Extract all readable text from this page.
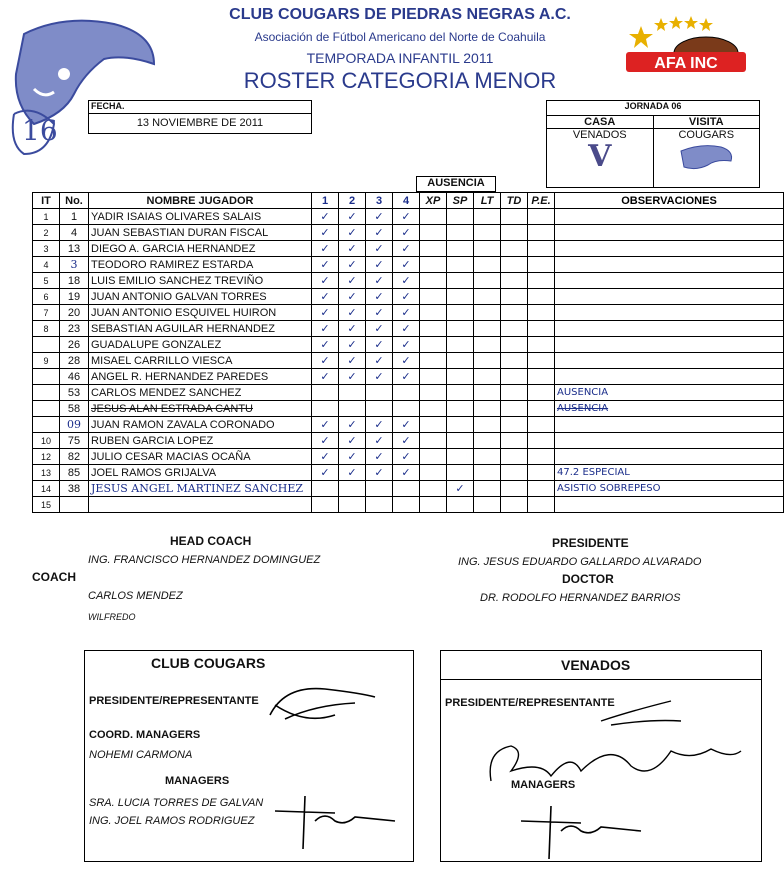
16
AFA INC
CLUB COUGARS DE PIEDRAS NEGRAS A.C.
Asociación de Fútbol Americano del Norte de Coahuila
TEMPORADA INFANTIL 2011
ROSTER CATEGORIA MENOR
FECHA.
13 NOVIEMBRE DE 2011
JORNADA 06
CASA
VENADOS
V
VISITA
COUGARS
AUSENCIA
IT	No.	NOMBRE JUGADOR	1	2	3	4	XP	SP	LT	TD	P.E.	OBSERVACIONES
1	1	YADIR ISAIAS OLIVARES SALAIS	✓	✓	✓	✓						
2	4	JUAN SEBASTIAN DURAN FISCAL	✓	✓	✓	✓						
3	13	DIEGO A. GARCIA HERNANDEZ	✓	✓	✓	✓						
4	3	TEODORO RAMIREZ ESTARDA	✓	✓	✓	✓						
5	18	LUIS EMILIO SANCHEZ TREVIÑO	✓	✓	✓	✓						
6	19	JUAN ANTONIO GALVAN TORRES	✓	✓	✓	✓						
7	20	JUAN ANTONIO ESQUIVEL HUIRON	✓	✓	✓	✓						
8	23	SEBASTIAN AGUILAR HERNANDEZ	✓	✓	✓	✓						
	26	GUADALUPE GONZALEZ	✓	✓	✓	✓						
9	28	MISAEL CARRILLO VIESCA	✓	✓	✓	✓						
	46	ANGEL R. HERNANDEZ PAREDES	✓	✓	✓	✓						
	53	CARLOS MENDEZ SANCHEZ										AUSENCIA
	58	JESUS ALAN ESTRADA CANTU										AUSENCIA
	09	JUAN RAMON ZAVALA CORONADO	✓	✓	✓	✓						
10	75	RUBEN GARCIA LOPEZ	✓	✓	✓	✓						
12	82	JULIO CESAR MACIAS OCAÑA	✓	✓	✓	✓						
13	85	JOEL RAMOS GRIJALVA	✓	✓	✓	✓						47.2 ESPECIAL
14	38	JESUS ANGEL MARTINEZ SANCHEZ						✓				ASISTIO SOBREPESO
15												
HEAD COACH
ING. FRANCISCO HERNANDEZ DOMINGUEZ
COACH
CARLOS MENDEZ
WILFREDO
PRESIDENTE
ING. JESUS EDUARDO GALLARDO ALVARADO
DOCTOR
DR. RODOLFO HERNANDEZ BARRIOS
CLUB COUGARS
PRESIDENTE/REPRESENTANTE
COORD. MANAGERS
NOHEMI CARMONA
MANAGERS
SRA. LUCIA TORRES DE GALVAN
ING. JOEL RAMOS RODRIGUEZ
VENADOS
PRESIDENTE/REPRESENTANTE
MANAGERS
